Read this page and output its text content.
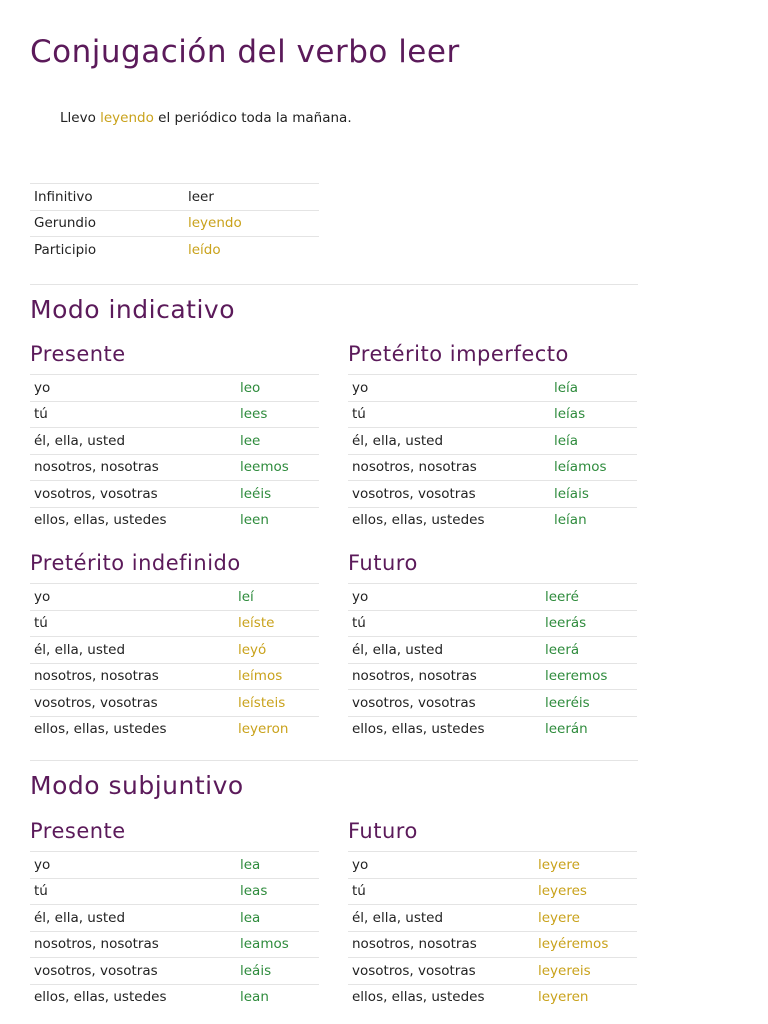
Conjugación del verbo leer
Llevo leyendo el periódico toda la mañana.
Infinitivo	leer
Gerundio	leyendo
Participio	leído
Modo indicativo
Presente
yo	leo
tú	lees
él, ella, usted	lee
nosotros, nosotras	leemos
vosotros, vosotras	leéis
ellos, ellas, ustedes	leen
Pretérito imperfecto
yo	leía
tú	leías
él, ella, usted	leía
nosotros, nosotras	leíamos
vosotros, vosotras	leíais
ellos, ellas, ustedes	leían
Pretérito indefinido
yo	leí
tú	leíste
él, ella, usted	leyó
nosotros, nosotras	leímos
vosotros, vosotras	leísteis
ellos, ellas, ustedes	leyeron
Futuro
yo	leeré
tú	leerás
él, ella, usted	leerá
nosotros, nosotras	leeremos
vosotros, vosotras	leeréis
ellos, ellas, ustedes	leerán
Modo subjuntivo
Presente
yo	lea
tú	leas
él, ella, usted	lea
nosotros, nosotras	leamos
vosotros, vosotras	leáis
ellos, ellas, ustedes	lean
Futuro
yo	leyere
tú	leyeres
él, ella, usted	leyere
nosotros, nosotras	leyéremos
vosotros, vosotras	leyereis
ellos, ellas, ustedes	leyeren
